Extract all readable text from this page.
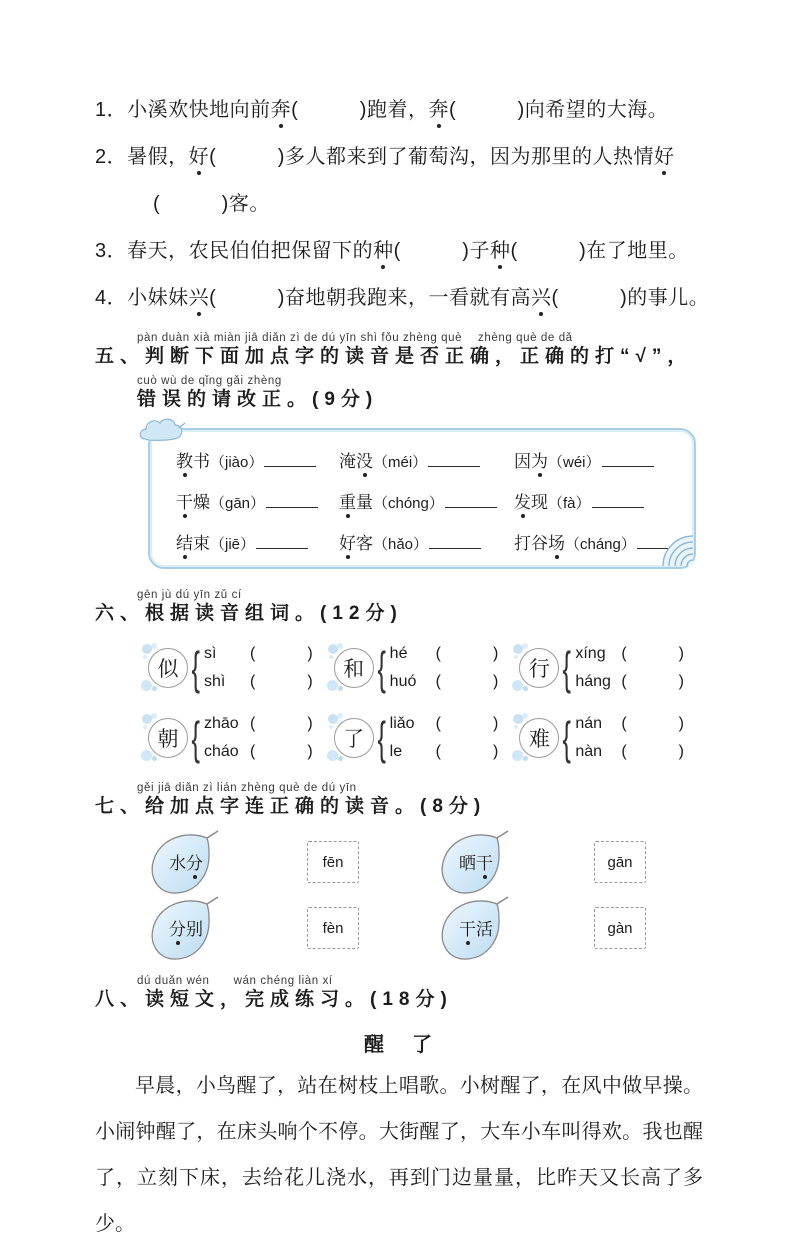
1．小溪欢快地向前奔(　　　)跑着，奔(　　　)向希望的大海。
2．暑假，好(　　　)多人都来到了葡萄沟，因为那里的人热情好
(　　　)客。
3．春天，农民伯伯把保留下的种(　　　)子种(　　　)在了地里。
4．小妹妹兴(　　　)奋地朝我跑来，一看就有高兴(　　　)的事儿。
pàn duàn xià miàn jiā diǎn zì de dú yīn shì fǒu zhèng què　 zhèng què de dǎ
五、判断下面加点字的读音是否正确，正确的打“√”，
cuò wù de qǐng gǎi zhèng
错误的请改正。(9分)
教书（jiào）	淹没（méi）	因为（wéi）
干燥（gān）	重量（chóng）	发现（fà）
结束（jiē）	好客（hǎo）	打谷场（cháng）
gēn jù dú yīn zǔ cí
六、根据读音组词。(12分)
似
{
sì (　　　)
shì (　　　)
和
{
hé (　　　)
huó (　　　)
行
{
xíng (　　　)
háng (　　　)
朝
{
zhāo (　　　)
cháo (　　　)
了
{
liǎo (　　　)
le (　　　)
难
{
nán (　　　)
nàn (　　　)
gěi jiā diǎn zì lián zhèng què de dú yīn
七、给加点字连正确的读音。(8分)
水分	fēn	晒干	gān
分别	fèn	干活	gàn
dú duǎn wén　　wán chéng liàn xí
八、读短文，完成练习。(18分)
醒　了
早晨，小鸟醒了，站在树枝上唱歌。小树醒了，在风中做早操。小闹钟醒了，在床头响个不停。大街醒了，大车小车叫得欢。我也醒了，立刻下床，去给花儿浇水，再到门边量量，比昨天又长高了多少。
